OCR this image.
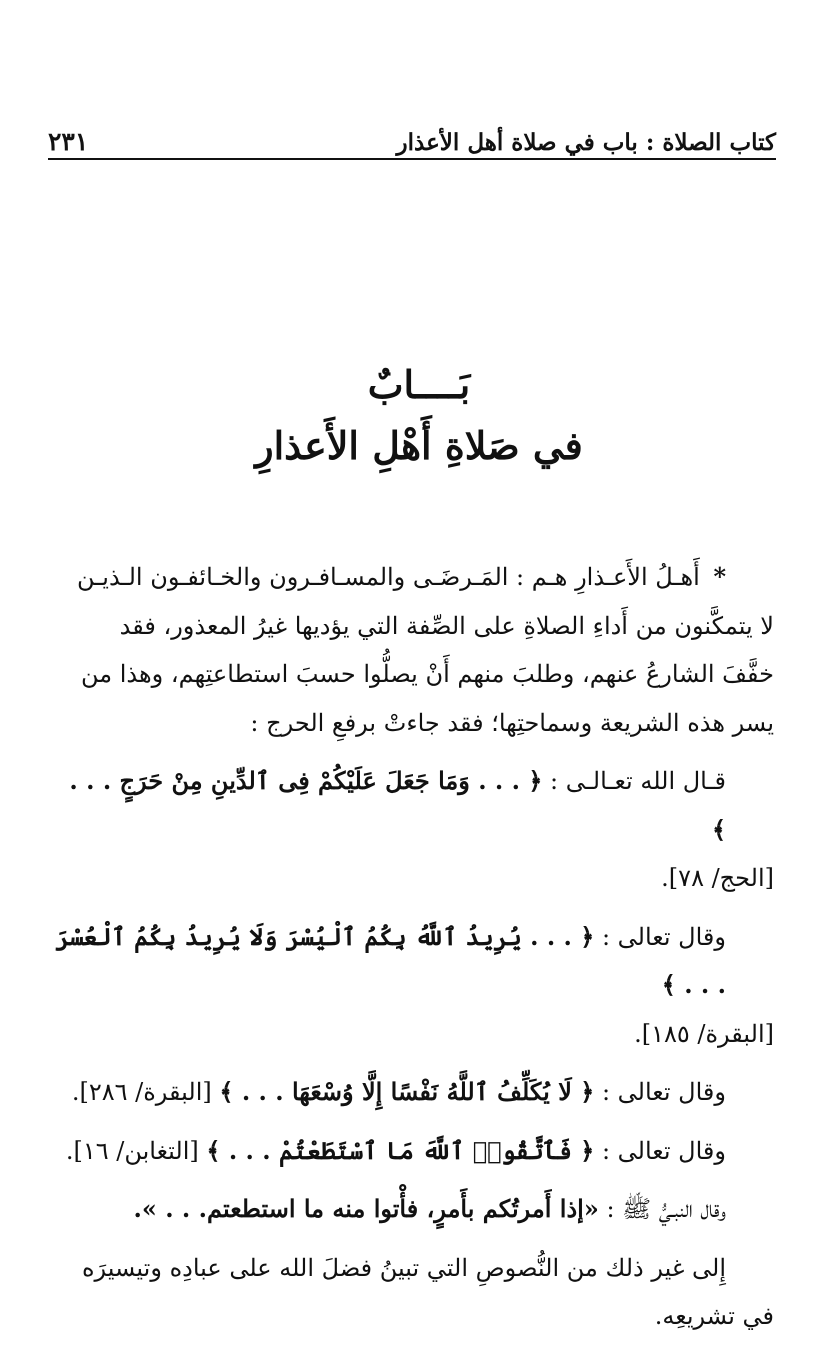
كتاب الصلاة : باب في صلاة أهل الأعذار
٢٣١
بَــــابٌ
في صَلاةِ أَهْلِ الأَعذارِ

* أَهـلُ الأَعـذارِ هـم : المَـرضَـى والمسـافـرون والخـائفـون الـذيـن

لا يتمكَّنون من أَداءِ الصلاةِ على الصِّفة التي يؤديها غيرُ المعذور، فقد

خفَّفَ الشارعُ عنهم، وطلبَ منهم أَنْ يصلُّوا حسبَ استطاعتِهم، وهذا من

يسر هذه الشريعة وسماحتِها؛ فقد جاءتْ برفعِ الحرج :

قـال الله تعـالـى : ﴿ . . . وَمَا جَعَلَ عَلَيْكُمْ فِى ٱلدِّينِ مِنْ حَرَجٍ . . . ﴾

[الحج/ ٧٨].

وقال تعالى : ﴿ . . . يُرِيدُ ٱللَّهُ بِكُمُ ٱلْيُسْرَ وَلَا يُرِيدُ بِكُمُ ٱلْعُسْرَ . . . ﴾

[البقرة/ ١٨٥].

وقال تعالى : ﴿ لَا يُكَلِّفُ ٱللَّهُ نَفْسًا إِلَّا وُسْعَهَا . . . ﴾ [البقرة/ ٢٨٦].

وقال تعالى : ﴿ فَٱتَّقُوا۟ ٱللَّهَ مَا ٱسْتَطَعْتُمْ . . . ﴾ [التغابن/ ١٦].

وقال النبـيُّ ﷺ : «إذا أَمرتُكم بأَمرٍ، فأْتوا منه ما استطعتم. . . ».

إِلى غير ذلك من النُّصوصِ التي تبينُ فضلَ الله على عبادِه وتيسيرَه

في تشريعِه.
